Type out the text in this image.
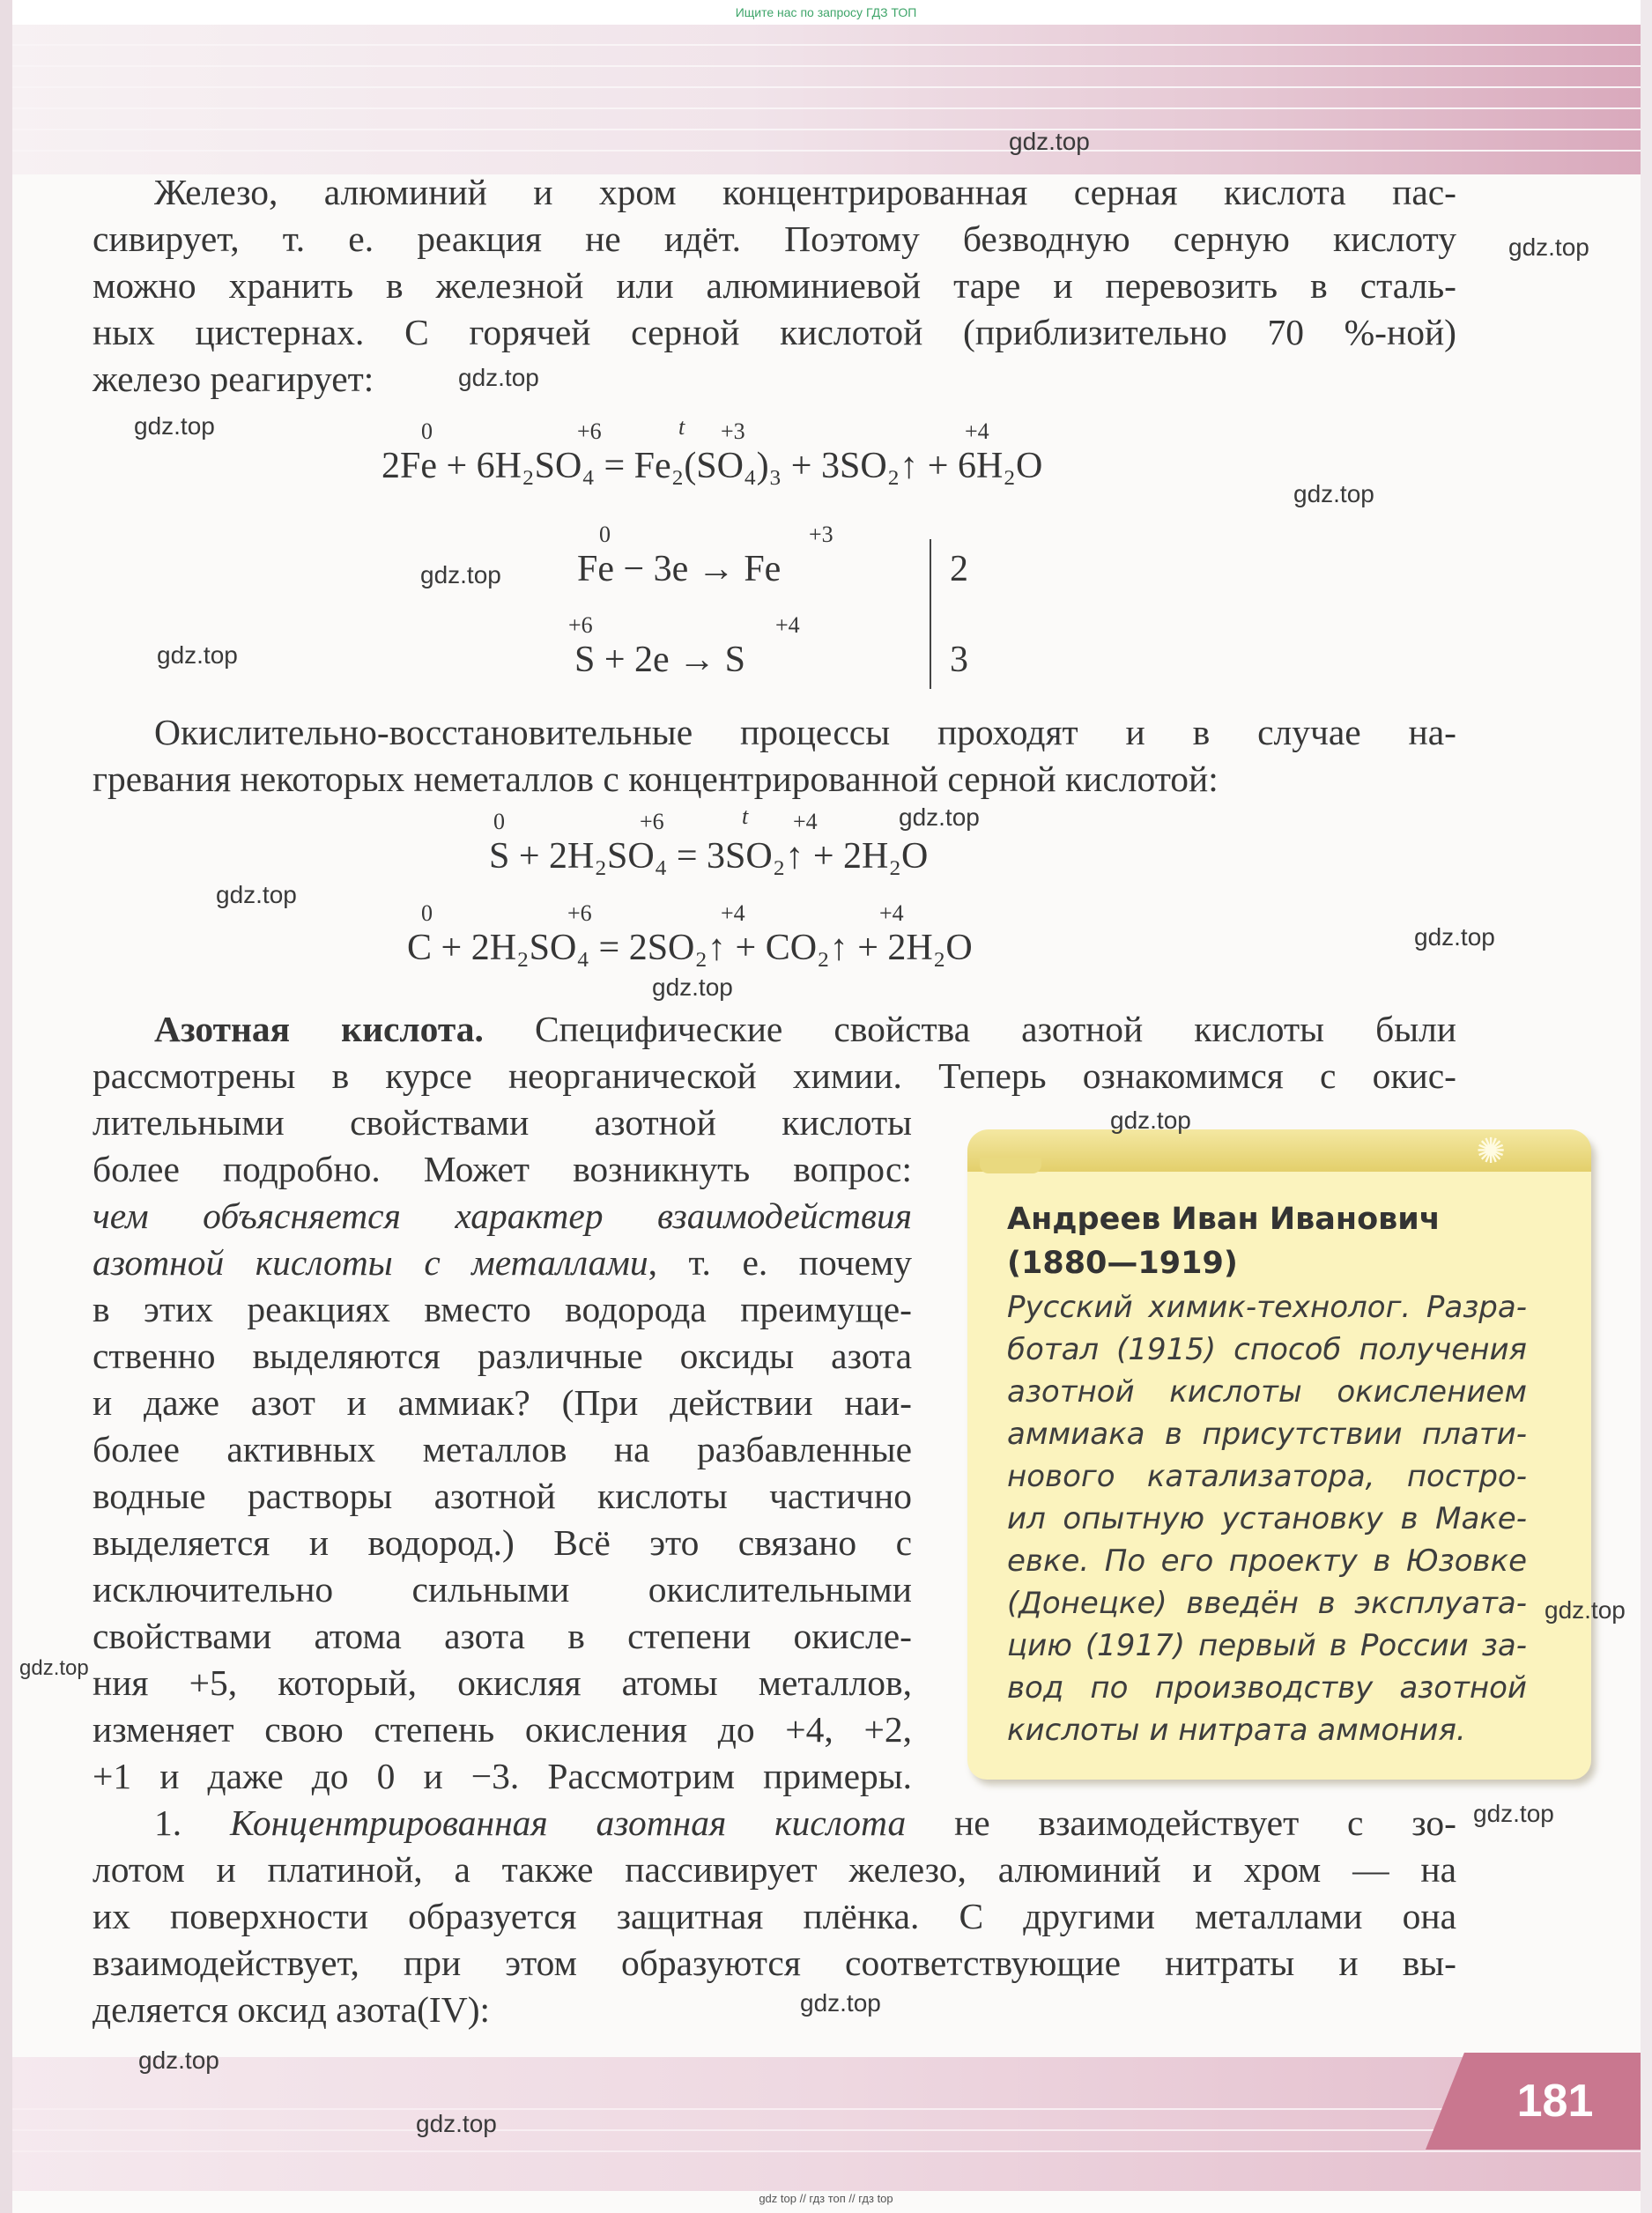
Ищите нас по запросу ГДЗ ТОП

Железо, алюминий и хром концентрированная серная кислота пас-

сивирует, т. е. реакция не идёт. Поэтому безводную серную кислоту

можно хранить в железной или алюминиевой таре и перевозить в сталь-

ных цистернах. С горячей серной кислотой (приблизительно 70 %-ной)

железо реагирует:

0	+6	t +3	+4
2Fe + 6H₂SO₄ = Fe₂(SO₄)₃ + 3SO₂↑ + 6H₂O
0	+3
Fe − 3e → Fe	2
+6	+4
S + 2e → S	3

Окислительно-восстановительные процессы проходят и в случае на-

гревания некоторых неметаллов с концентрированной серной кислотой:

0	+6	t +4
S + 2H₂SO₄ = 3SO₂↑ + 2H₂O
0	+6	+4	+4
C + 2H₂SO₄ = 2SO₂↑ + CO₂↑ + 2H₂O

Азотная кислота. Специфические свойства азотной кислоты были

рассмотрены в курсе неорганической химии. Теперь ознакомимся с окис-

лительными свойствами азотной кислоты

более подробно. Может возникнуть вопрос:

чем объясняется характер взаимодействия

азотной кислоты с металлами, т. е. почему

в этих реакциях вместо водорода преимуще-

ственно выделяются различные оксиды азота

и даже азот и аммиак? (При действии наи-

более активных металлов на разбавленные

водные растворы азотной кислоты частично

выделяется и водород.) Всё это связано с

исключительно сильными окислительными

свойствами атома азота в степени окисле-

ния +5, который, окисляя атомы металлов,

изменяет свою степень окисления до +4, +2,

+1 и даже до 0 и −3. Рассмотрим примеры.

✺

Андреев Иван Иванович

(1880—1919)

Русский химик-технолог. Разра-

ботал (1915) способ получения

азотной кислоты окислением

аммиака в присутствии плати-

нового катализатора, постро-

ил опытную установку в Маке-

евке. По его проекту в Юзовке

(Донецке) введён в эксплуата-

цию (1917) первый в России за-

вод по производству азотной

кислоты и нитрата аммония.

1. Концентрированная азотная кислота не взаимодействует с зо-

лотом и платиной, а также пассивирует железо, алюминий и хром — на

их поверхности образуется защитная плёнка. С другими металлами она

взаимодействует, при этом образуются соответствующие нитраты и вы-

деляется оксид азота(IV):

181
gdz top // гдз топ // гдз top
gdz.top
gdz.top
gdz.top
gdz.top
gdz.top
gdz.top
gdz.top
gdz.top
gdz.top
gdz.top
gdz.top
gdz.top
gdz.top
gdz.top
gdz.top
gdz.top
gdz.top
gdz.top
